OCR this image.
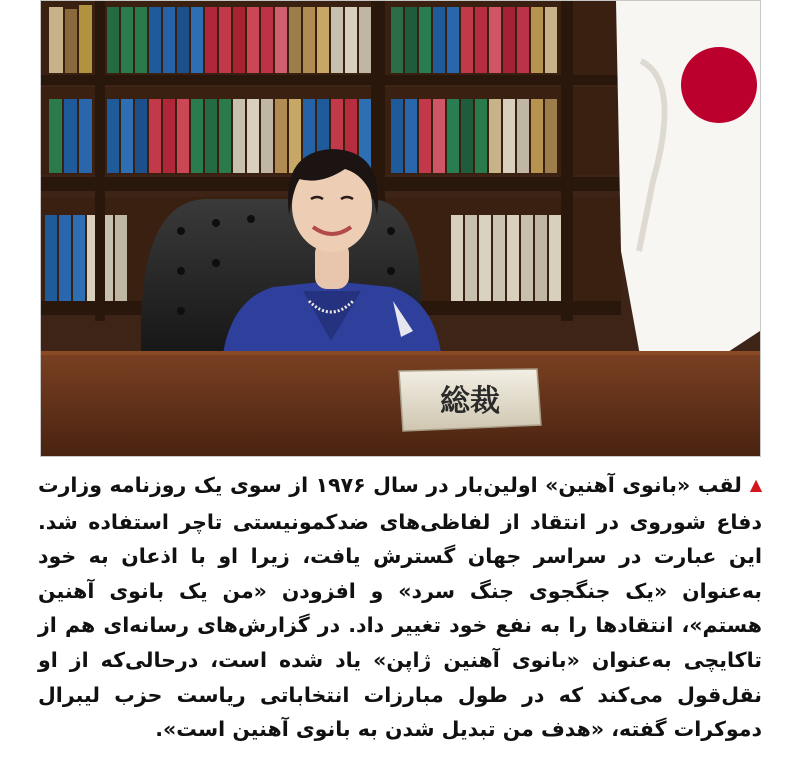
総裁
▲لقب «بانوی آهنین» اولین‌بار در سال ۱۹۷۶ از سوی یک روزنامه وزارت دفاع شوروی در انتقاد از لفاظی‌های ضدکمونیستی تاچر استفاده شد. این عبارت در سراسر جهان گسترش یافت، زیرا او با اذعان به خود به‌عنوان «یک جنگجوی جنگ سرد» و افزودن «من یک بانوی آهنین هستم»، انتقادها را به نفع خود تغییر داد. در گزارش‌های رسانه‌ای هم از تاکایچی به‌عنوان «بانوی آهنین ژاپن» یاد شده است، درحالی‌که از او نقل‌قول می‌کند که در طول مبارزات انتخاباتی ریاست حزب لیبرال دموکرات گفته، «هدف من تبدیل شدن به بانوی آهنین است».
